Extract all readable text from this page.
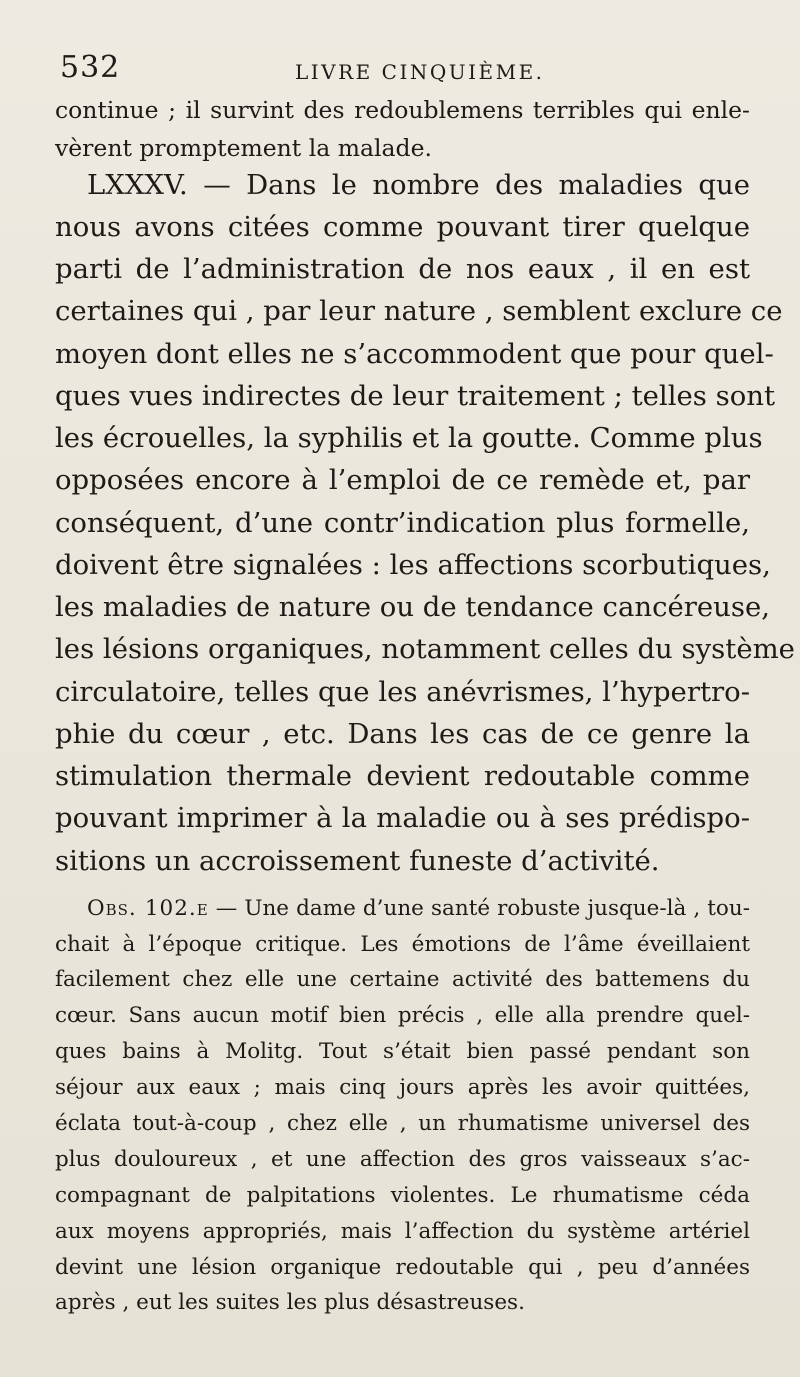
532	LIVRE CINQUIÈME.
continue ; il survint des redoublemens terribles qui enle-
vèrent promptement la malade.
LXXXV. — Dans le nombre des maladies que
nous avons citées comme pouvant tirer quelque
parti de l’administration de nos eaux , il en est
certaines qui , par leur nature , semblent exclure ce
moyen dont elles ne s’accommodent que pour quel-
ques vues indirectes de leur traitement ; telles sont
les écrouelles, la syphilis et la goutte. Comme plus
opposées encore à l’emploi de ce remède et, par
conséquent, d’une contr’indication plus formelle,
doivent être signalées : les affections scorbutiques,
les maladies de nature ou de tendance cancéreuse,
les lésions organiques, notamment celles du système
circulatoire, telles que les anévrismes, l’hypertro-
phie du cœur , etc. Dans les cas de ce genre la
stimulation thermale devient redoutable comme
pouvant imprimer à la maladie ou à ses prédispo-
sitions un accroissement funeste d’activité.
Obs. 102.e — Une dame d’une santé robuste jusque-là , tou-
chait à l’époque critique. Les émotions de l’âme éveillaient
facilement chez elle une certaine activité des battemens du
cœur. Sans aucun motif bien précis , elle alla prendre quel-
ques bains à Molitg. Tout s’était bien passé pendant son
séjour aux eaux ; mais cinq jours après les avoir quittées,
éclata tout-à-coup , chez elle , un rhumatisme universel des
plus douloureux , et une affection des gros vaisseaux s’ac-
compagnant de palpitations violentes. Le rhumatisme céda
aux moyens appropriés, mais l’affection du système artériel
devint une lésion organique redoutable qui , peu d’années
après , eut les suites les plus désastreuses.
